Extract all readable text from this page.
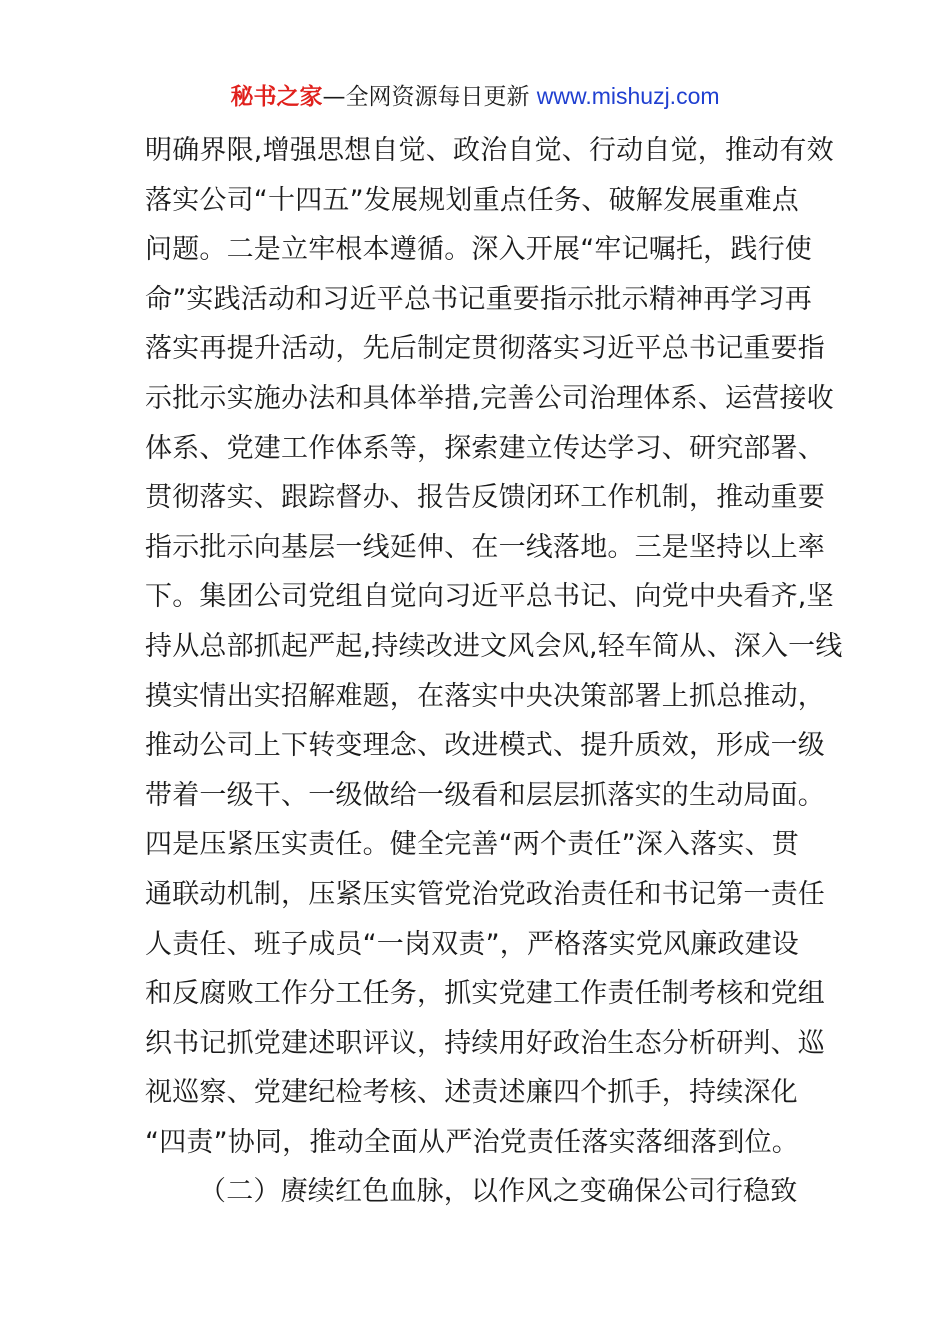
秘书之家—全网资源每日更新 www.mishuzj.com
明确界限,增强思想自觉、政治自觉、行动自觉，推动有效
落实公司“十四五”发展规划重点任务、破解发展重难点
问题。二是立牢根本遵循。深入开展“牢记嘱托，践行使
命”实践活动和习近平总书记重要指示批示精神再学习再
落实再提升活动，先后制定贯彻落实习近平总书记重要指
示批示实施办法和具体举措,完善公司治理体系、运营接收
体系、党建工作体系等，探索建立传达学习、研究部署、
贯彻落实、跟踪督办、报告反馈闭环工作机制，推动重要
指示批示向基层一线延伸、在一线落地。三是坚持以上率
下。集团公司党组自觉向习近平总书记、向党中央看齐,坚
持从总部抓起严起,持续改进文风会风,轻车简从、深入一线
摸实情出实招解难题，在落实中央决策部署上抓总推动，
推动公司上下转变理念、改进模式、提升质效，形成一级
带着一级干、一级做给一级看和层层抓落实的生动局面。
四是压紧压实责任。健全完善“两个责任”深入落实、贯
通联动机制，压紧压实管党治党政治责任和书记第一责任
人责任、班子成员“一岗双责”，严格落实党风廉政建设
和反腐败工作分工任务，抓实党建工作责任制考核和党组
织书记抓党建述职评议，持续用好政治生态分析研判、巡
视巡察、党建纪检考核、述责述廉四个抓手，持续深化
“四责”协同，推动全面从严治党责任落实落细落到位。
（二）赓续红色血脉，以作风之变确保公司行稳致
